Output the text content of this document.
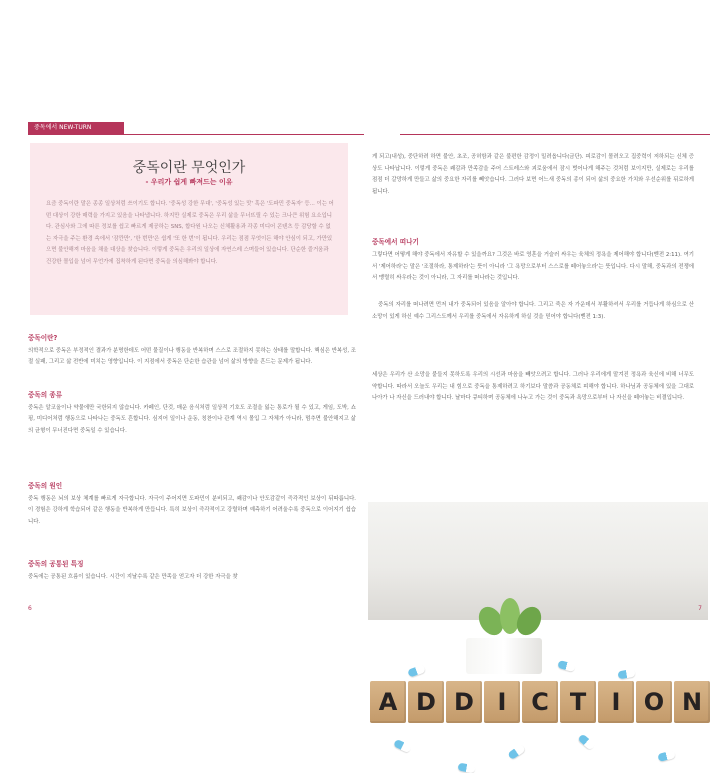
중독에서 NEW-TURN
중독이란 무엇인가
- 우리가 쉽게 빠져드는 이유

요즘 중독이란 말은 종종 일상처럼 쓰이기도 합니다. '중독성 강한 무대', '중독성 있는 맛' 혹은 '도파민 중독자' 등... 이는 어떤 대상이 강한 매력을 가지고 있음을 나타냅니다. 하지만 실제로 중독은 우리 삶을 무너뜨릴 수 있는 크나큰 위험 요소입니다. 관심사와 그에 따른 정보를 쉽고 빠르게 제공하는 SNS, 합다원 나오는 신체활용과 각종 미디어 콘텐츠 등 감당할 수 없는 자극을 주는 환경 속에서 '잠깐만', '한 번만'은 쉽게 '또 한 번'이 됩니다. 우리는 점점 무엇이든 해야 안심이 되고, 가만있으면 불안해져 마음을 채울 대상을 찾습니다. 이렇게 중독은 우리의 일상에 자연스레 스며들어 있습니다. 단순한 즐거움과 건강한 몰입을 넘어 무언가에 집착하게 된다면 중독을 의심해봐야 합니다.

중독이란?

의학적으로 중독은 부정적인 결과가 분명한데도 어떤 물질이나 행동을 반복하며 스스로 조절하지 못하는 상태를 말합니다. 핵심은 반복성, 조절 실패, 그리고 삶 전반에 미치는 영향입니다. 이 지점에서 중독은 단순한 습관을 넘어 삶의 방향을 흔드는 문제가 됩니다.

중독의 종류

중독은 알코올이나 약물에만 국한되지 않습니다. 카페인, 단것, 매운 음식처럼 일상적 기호도 조절을 잃는 통로가 될 수 있고, 게임, 도박, 쇼핑, 미디어처럼 행동으로 나타나는 중독도 흔합니다. 심지어 일이나 운동, 칭찬이나 관계 역시 몰입 그 자체가 아니라, 멈추면 불안해지고 삶의 균형이 무너진다면 중독일 수 있습니다.

중독의 원인

중독 행동은 뇌의 보상 체계를 빠르게 자극합니다. 자극이 주어지면 도파민이 분비되고, 쾌감이나 안도감같이 즉각적인 보상이 뒤따릅니다. 이 경험은 강하게 학습되어 같은 행동을 반복하게 만듭니다. 특히 보상이 즉각적이고 강렬하며 예측하기 어려울수록 중독으로 이어지기 쉽습니다.

중독의 공통된 특징

중독에는 공통된 흐름이 있습니다. 시간이 지날수록 같은 만족을 얻고자 더 강한 자극을 찾

6

게 되고(내성), 중단하려 하면 불안, 초조, 공허함과 같은 불편한 감정이 밀려옵니다(금단). 피로감이 몰려오고 집중력이 저하되는 신체 증상도 나타납니다. 이렇게 중독은 쾌감과 만족감을 주어 스트레스와 괴로움에서 잠시 벗어나게 해주는 것처럼 보이지만, 실제로는 우리를 점점 더 갈망하게 만들고 삶의 중요한 자리를 빼앗습니다. 그러다 보면 어느새 중독의 종이 되어 삶의 중요한 가치와 우선순위를 뒤로하게 됩니다.

중독에서 떠나기

그렇다면 어떻게 해야 중독에서 자유할 수 있을까요? 그것은 바로 영혼을 거슬러 싸우는 육체의 정욕을 제어해야 합니다(벧전 2:11). 여기서 '제어하라'는 말은 '조절하라, 통제하라'는 뜻이 아니라 '그 욕망으로부터 스스로를 떼어놓으라'는 뜻입니다. 다시 말해, 중독과의 전쟁에서 맹렬히 싸우라는 것이 아니라, 그 자리를 떠나라는 것입니다.

중독의 자리를 떠나려면 먼저 내가 중독되어 있음을 알아야 합니다. 그리고 죽은 자 가운데서 부활하셔서 우리를 거듭나게 하심으로 산 소망이 있게 하신 예수 그리스도께서 우리를 중독에서 자유하게 하실 것을 믿어야 합니다(벧전 1:3).

세상은 우리가 산 소망을 붙들지 못하도록 우리의 시선과 마음을 빼앗으려고 합니다. 그러나 우리에게 맡겨진 정욕과 육신에 비해 너무도 약합니다. 따라서 오늘도 우리는 내 힘으로 중독을 통제하려고 하기보다 말씀과 공동체로 피해야 합니다. 하나님과 공동체에 있을 그대로 나아가 나 자신을 드러내야 합니다. 날마다 큐티하며 공동체에 나누고 가는 것이 중독과 욕망으로부터 나 자신을 떼어놓는 비결입니다.

A D D I	C T	I O N
7
